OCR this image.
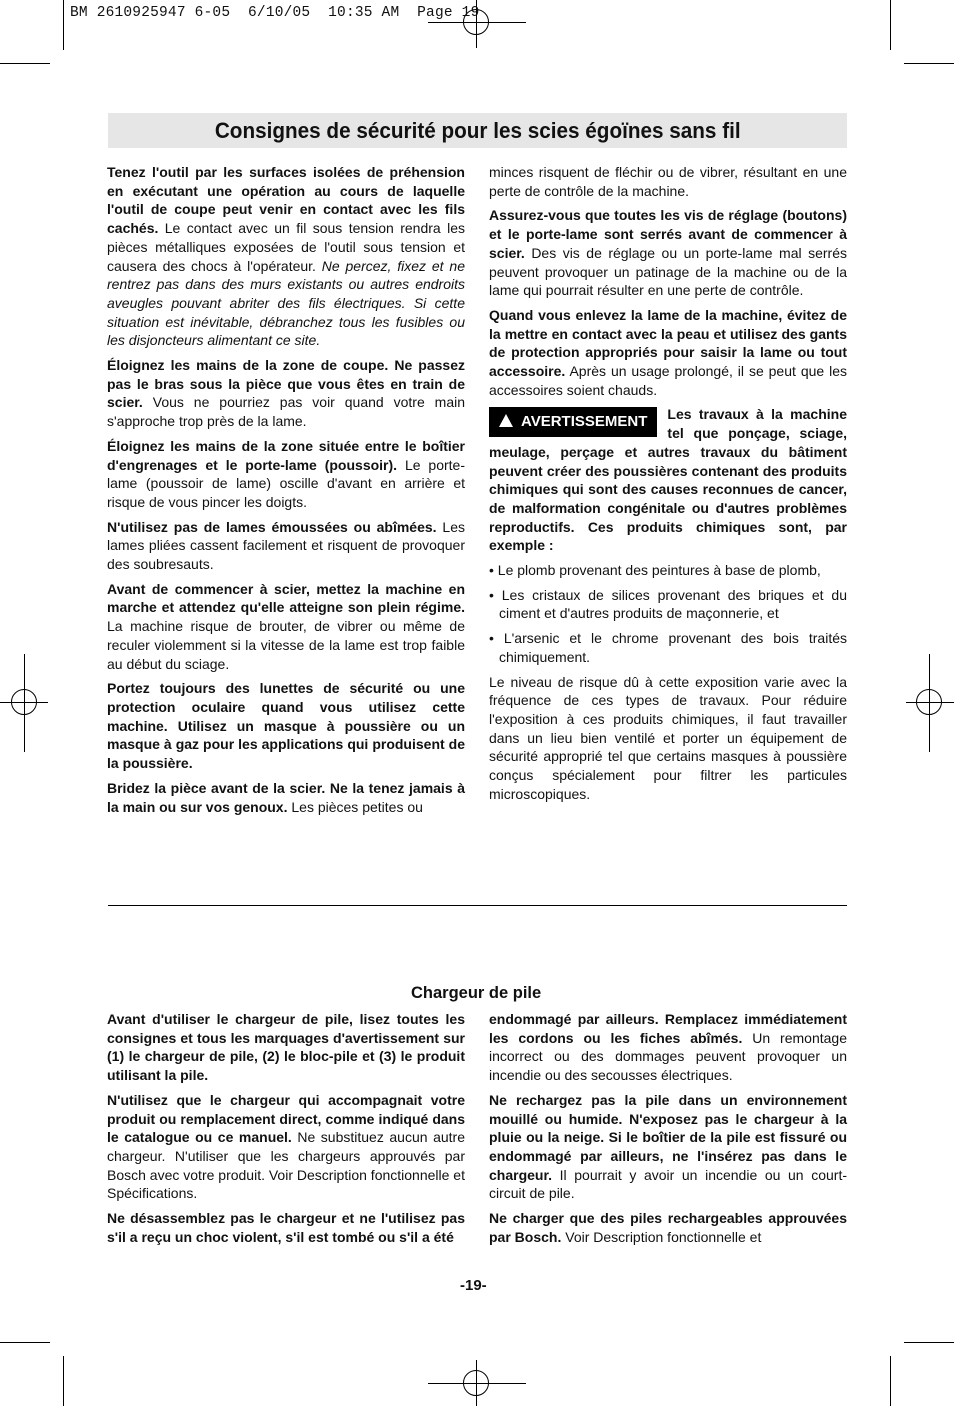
BM 2610925947 6-05  6/10/05  10:35 AM  Page 19
Consignes de sécurité pour les scies égoïnes sans fil

Tenez l'outil par les surfaces isolées de préhension en exécutant une opération au cours de laquelle l'outil de coupe peut venir en contact avec les fils cachés. Le contact avec un fil sous tension rendra les pièces métalliques exposées de l'outil sous tension et causera des chocs à l'opérateur. Ne percez, fixez et ne rentrez pas dans des murs existants ou autres endroits aveugles pouvant abriter des fils électriques. Si cette situation est inévitable, débranchez tous les fusibles ou les disjoncteurs alimentant ce site.

Éloignez les mains de la zone de coupe. Ne passez pas le bras sous la pièce que vous êtes en train de scier. Vous ne pourriez pas voir quand votre main s'approche trop près de la lame.

Éloignez les mains de la zone située entre le boîtier d'engrenages et le porte-lame (poussoir). Le porte-lame (poussoir de lame) oscille d'avant en arrière et risque de vous pincer les doigts.

N'utilisez pas de lames émoussées ou abîmées. Les lames pliées cassent facilement et risquent de provoquer des soubresauts.

Avant de commencer à scier, mettez la machine en marche et attendez qu'elle atteigne son plein régime. La machine risque de brouter, de vibrer ou même de reculer violemment si la vitesse de la lame est trop faible au début du sciage.

Portez toujours des lunettes de sécurité ou une protection oculaire quand vous utilisez cette machine. Utilisez un masque à poussière ou un masque à gaz pour les applications qui produisent de la poussière.

Bridez la pièce avant de la scier. Ne la tenez jamais à la main ou sur vos genoux. Les pièces petites ou

minces risquent de fléchir ou de vibrer, résultant en une perte de contrôle de la machine.

Assurez-vous que toutes les vis de réglage (boutons) et le porte-lame sont serrés avant de commencer à scier. Des vis de réglage ou un porte-lame mal serrés peuvent provoquer un patinage de la machine ou de la lame qui pourrait résulter en une perte de contrôle.

Quand vous enlevez la lame de la machine, évitez de la mettre en contact avec la peau et utilisez des gants de protection appropriés pour saisir la lame ou tout accessoire. Après un usage prolongé, il se peut que les accessoires soient chauds.

AVERTISSEMENT	Les travaux à la machine tel que ponçage, sciage, meulage, perçage et autres travaux du bâtiment peuvent créer des poussières contenant des produits chimiques qui sont des causes reconnues de cancer, de malformation congénitale ou d'autres problèmes reproductifs. Ces produits chimiques sont, par exemple :

• Le plomb provenant des peintures à base de plomb,

• Les cristaux de silices provenant des briques et du ciment et d'autres produits de maçonnerie, et

• L'arsenic et le chrome provenant des bois traités chimiquement.

Le niveau de risque dû à cette exposition varie avec la fréquence de ces types de travaux. Pour réduire l'exposition à ces produits chimiques, il faut travailler dans un lieu bien ventilé et porter un équipement de sécurité approprié tel que certains masques à poussière conçus spécialement pour filtrer les particules microscopiques.

Chargeur de pile

Avant d'utiliser le chargeur de pile, lisez toutes les consignes et tous les marquages d'avertissement sur (1) le chargeur de pile, (2) le bloc-pile et (3) le produit utilisant la pile.

N'utilisez que le chargeur qui accompagnait votre produit ou remplacement direct, comme indiqué dans le catalogue ou ce manuel. Ne substituez aucun autre chargeur. N'utiliser que les chargeurs approuvés par Bosch avec votre produit. Voir Description fonctionnelle et Spécifications.

Ne désassemblez pas le chargeur et ne l'utilisez pas s'il a reçu un choc violent, s'il est tombé ou s'il a été

endommagé par ailleurs. Remplacez immédiatement les cordons ou les fiches abîmés. Un remontage incorrect ou des dommages peuvent provoquer un incendie ou des secousses électriques.

Ne rechargez pas la pile dans un environnement mouillé ou humide. N'exposez pas le chargeur à la pluie ou la neige. Si le boîtier de la pile est fissuré ou endommagé par ailleurs, ne l'insérez pas dans le chargeur. Il pourrait y avoir un incendie ou un court-circuit de pile.

Ne charger que des piles rechargeables approuvées par Bosch. Voir Description fonctionnelle et

-19-
